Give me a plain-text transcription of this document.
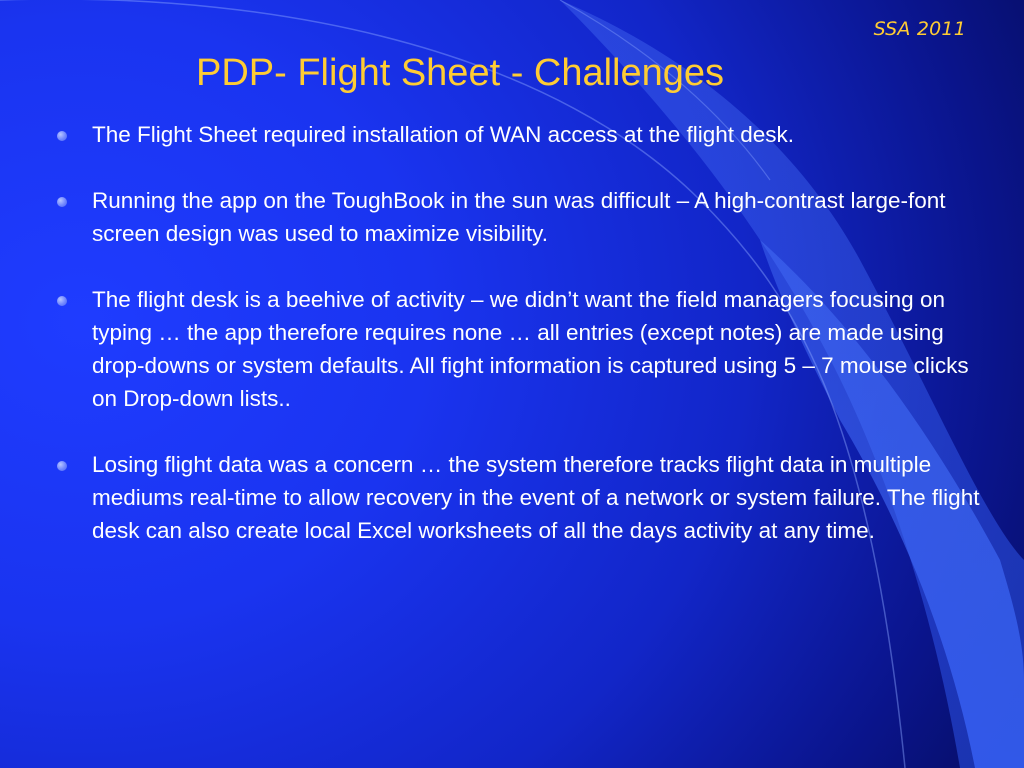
SSA 2011
PDP- Flight Sheet - Challenges
The Flight Sheet required installation of WAN access at the flight desk.
Running the app on the ToughBook in the sun was difficult – A high-contrast large-font screen design was used to maximize visibility.
The flight desk is a beehive of activity – we didn’t want the field managers focusing on typing … the app therefore requires none … all entries (except notes) are made using drop-downs or system defaults. All fight information is captured using 5 – 7 mouse clicks on Drop-down lists..
Losing flight data was a concern … the system therefore tracks flight data in multiple mediums real-time to allow recovery in the event of a network or system failure. The flight desk can also create local Excel worksheets of all the days activity at any time.
